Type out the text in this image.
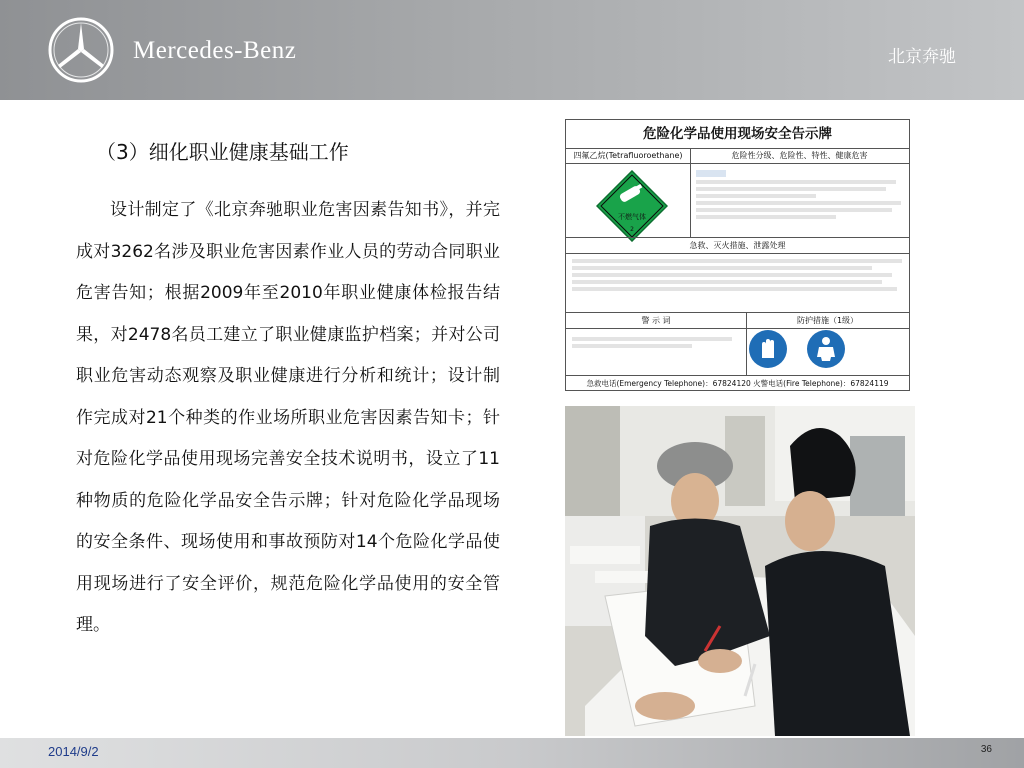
Mercedes-Benz	北京奔驰
（3）细化职业健康基础工作

设计制定了《北京奔驰职业危害因素告知书》，并完成对3262名涉及职业危害因素作业人员的劳动合同职业危害告知；根据2009年至2010年职业健康体检报告结果，对2478名员工建立了职业健康监护档案；并对公司职业危害动态观察及职业健康进行分析和统计；设计制作完成对21个种类的作业场所职业危害因素告知卡；针对危险化学品使用现场完善安全技术说明书，设立了11种物质的危险化学品安全告示牌；针对危险化学品现场的安全条件、现场使用和事故预防对14个危险化学品使用现场进行了安全评价，规范危险化学品使用的安全管理。

危险化学品使用现场安全告示牌
四氟乙烷(Tetrafluoroethane)	危险性分级、危险性、特性、健康危害
不燃气体
2
急救、灭火措施、泄露处理
警 示 词	防护措施（1级）
急救电话(Emergency Telephone)：67824120 火警电话(Fire Telephone)：67824119
2014/9/2	36
